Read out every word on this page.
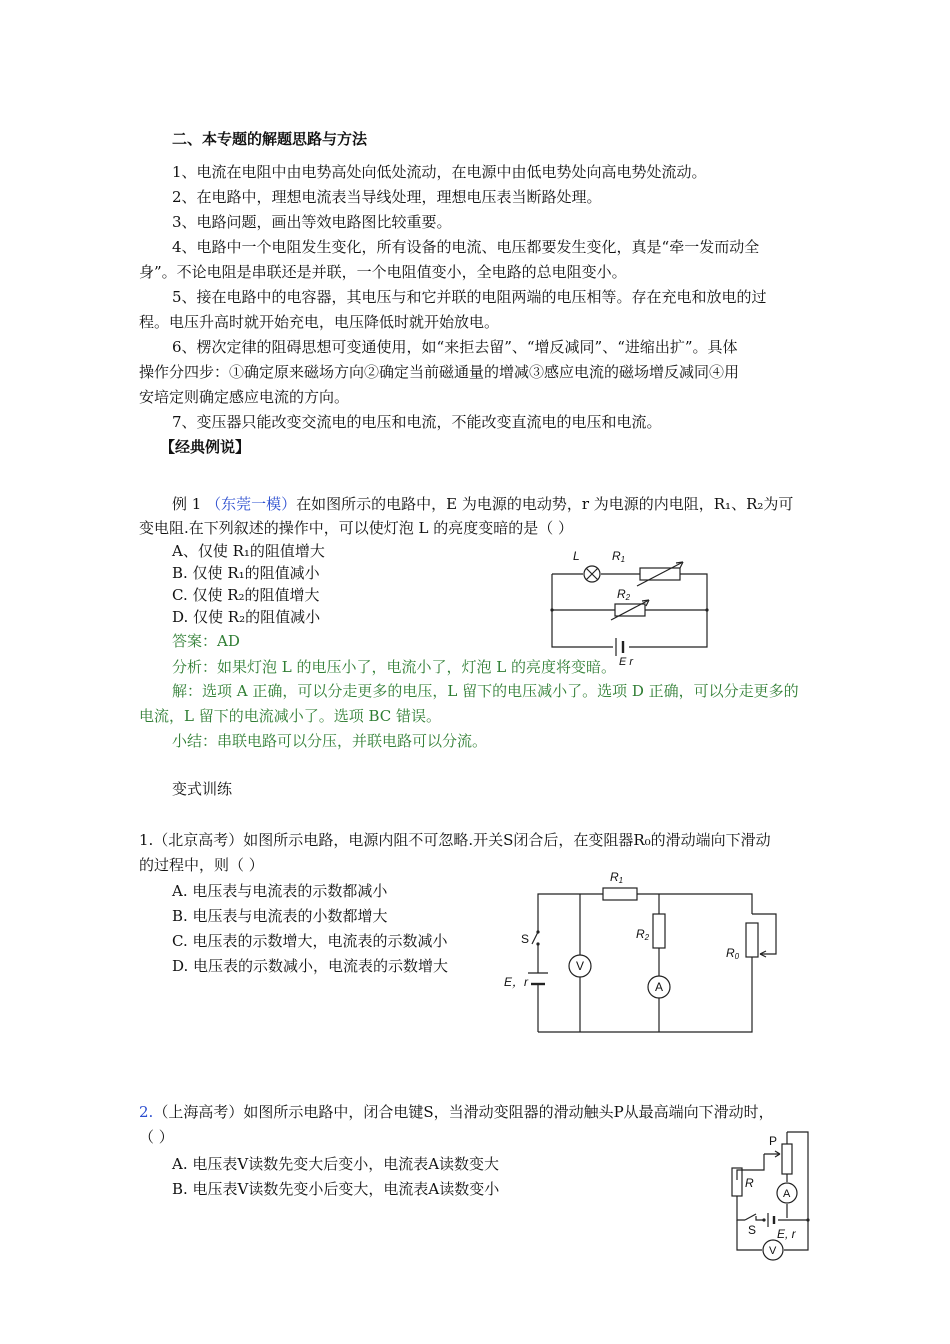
二、本专题的解题思路与方法
1、电流在电阻中由电势高处向低处流动，在电源中由低电势处向高电势处流动。
2、在电路中，理想电流表当导线处理，理想电压表当断路处理。
3、电路问题，画出等效电路图比较重要。
4、电路中一个电阻发生变化，所有设备的电流、电压都要发生变化，真是“牵一发而动全
身”。不论电阻是串联还是并联，一个电阻值变小，全电路的总电阻变小。
5、接在电路中的电容器，其电压与和它并联的电阻两端的电压相等。存在充电和放电的过
程。电压升高时就开始充电，电压降低时就开始放电。
6、楞次定律的阻碍思想可变通使用，如“来拒去留”、“增反减同”、“进缩出扩”。具体
操作分四步：①确定原来磁场方向②确定当前磁通量的增减③感应电流的磁场增反减同④用
安培定则确定感应电流的方向。
7、变压器只能改变交流电的电压和电流，不能改变直流电的电压和电流。
【经典例说】
例 1 （东莞一模）在如图所示的电路中，E 为电源的电动势，r 为电源的内电阻，R₁、R₂为可
变电阻.在下列叙述的操作中，可以使灯泡 L 的亮度变暗的是（ ）
A、仅使 R₁的阻值增大
B. 仅使 R₁的阻值减小
C. 仅使 R₂的阻值增大
D. 仅使 R₂的阻值减小
答案：AD
分析：如果灯泡 L 的电压小了，电流小了，灯泡 L 的亮度将变暗。
解：选项 A 正确，可以分走更多的电压，L 留下的电压减小了。选项 D 正确，可以分走更多的
电流，L 留下的电流减小了。选项 BC 错误。
小结：串联电路可以分压，并联电路可以分流。
L	R1
R2
E r
变式训练
1.（北京高考）如图所示电路，电源内阻不可忽略.开关S闭合后，在变阻器R₀的滑动端向下滑动
的过程中，则（ ）
A. 电压表与电流表的示数都减小
B. 电压表与电流表的小数都增大
C. 电压表的示数增大，电流表的示数减小
D. 电压表的示数减小，电流表的示数增大	V
A
R1
R2
R0
S
E，r
2.（上海高考）如图所示电路中，闭合电键S，当滑动变阻器的滑动触头P从最高端向下滑动时，
（ ）
A. 电压表V读数先变大后变小，电流表A读数变大
B. 电压表V读数先变小后变大，电流表A读数变小
P
R
A
V
S E, r
